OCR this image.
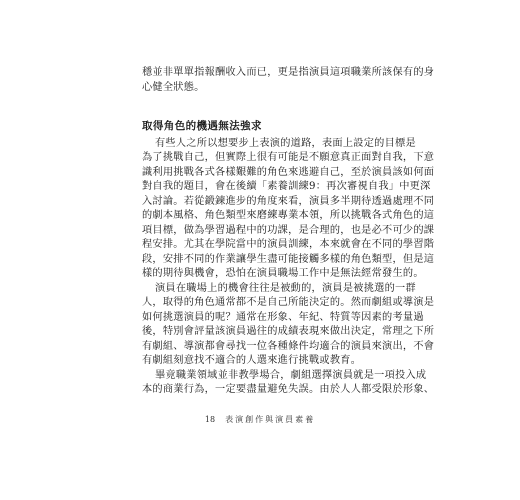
穩並非單單指報酬收入而已，更是指演員這項職業所該保有的身
心健全狀態。
取得角色的機遇無法強求
有些人之所以想要步上表演的道路，表面上設定的目標是
為了挑戰自己，但實際上很有可能是不願意真正面對自我，下意
識利用挑戰各式各樣艱難的角色來逃避自己，至於演員該如何面
對自我的題目，會在後續「素養訓練9：再次審視自我」中更深
入討論。若從鍛鍊進步的角度來看，演員多半期待透過處理不同
的劇本風格、角色類型來磨練專業本領，所以挑戰各式角色的這
項目標，做為學習過程中的功課，是合理的，也是必不可少的課
程安排。尤其在學院當中的演員訓練，本來就會在不同的學習階
段，安排不同的作業讓學生盡可能接觸多樣的角色類型，但是這
樣的期待與機會，恐怕在演員職場工作中是無法經常發生的。
演員在職場上的機會往往是被動的，演員是被挑選的一群
人，取得的角色通常都不是自己所能決定的。然而劇組或導演是
如何挑選演員的呢？通常在形象、年紀、特質等因素的考量過
後，特別會評量該演員過往的成績表現來做出決定，常理之下所
有劇組、導演都會尋找一位各種條件均適合的演員來演出，不會
有劇組刻意找不適合的人選來進行挑戰或教育。
畢竟職業領域並非教學場合，劇組選擇演員就是一項投入成
本的商業行為，一定要盡量避免失誤。由於人人都受限於形象、
18 表演創作與演員素養
